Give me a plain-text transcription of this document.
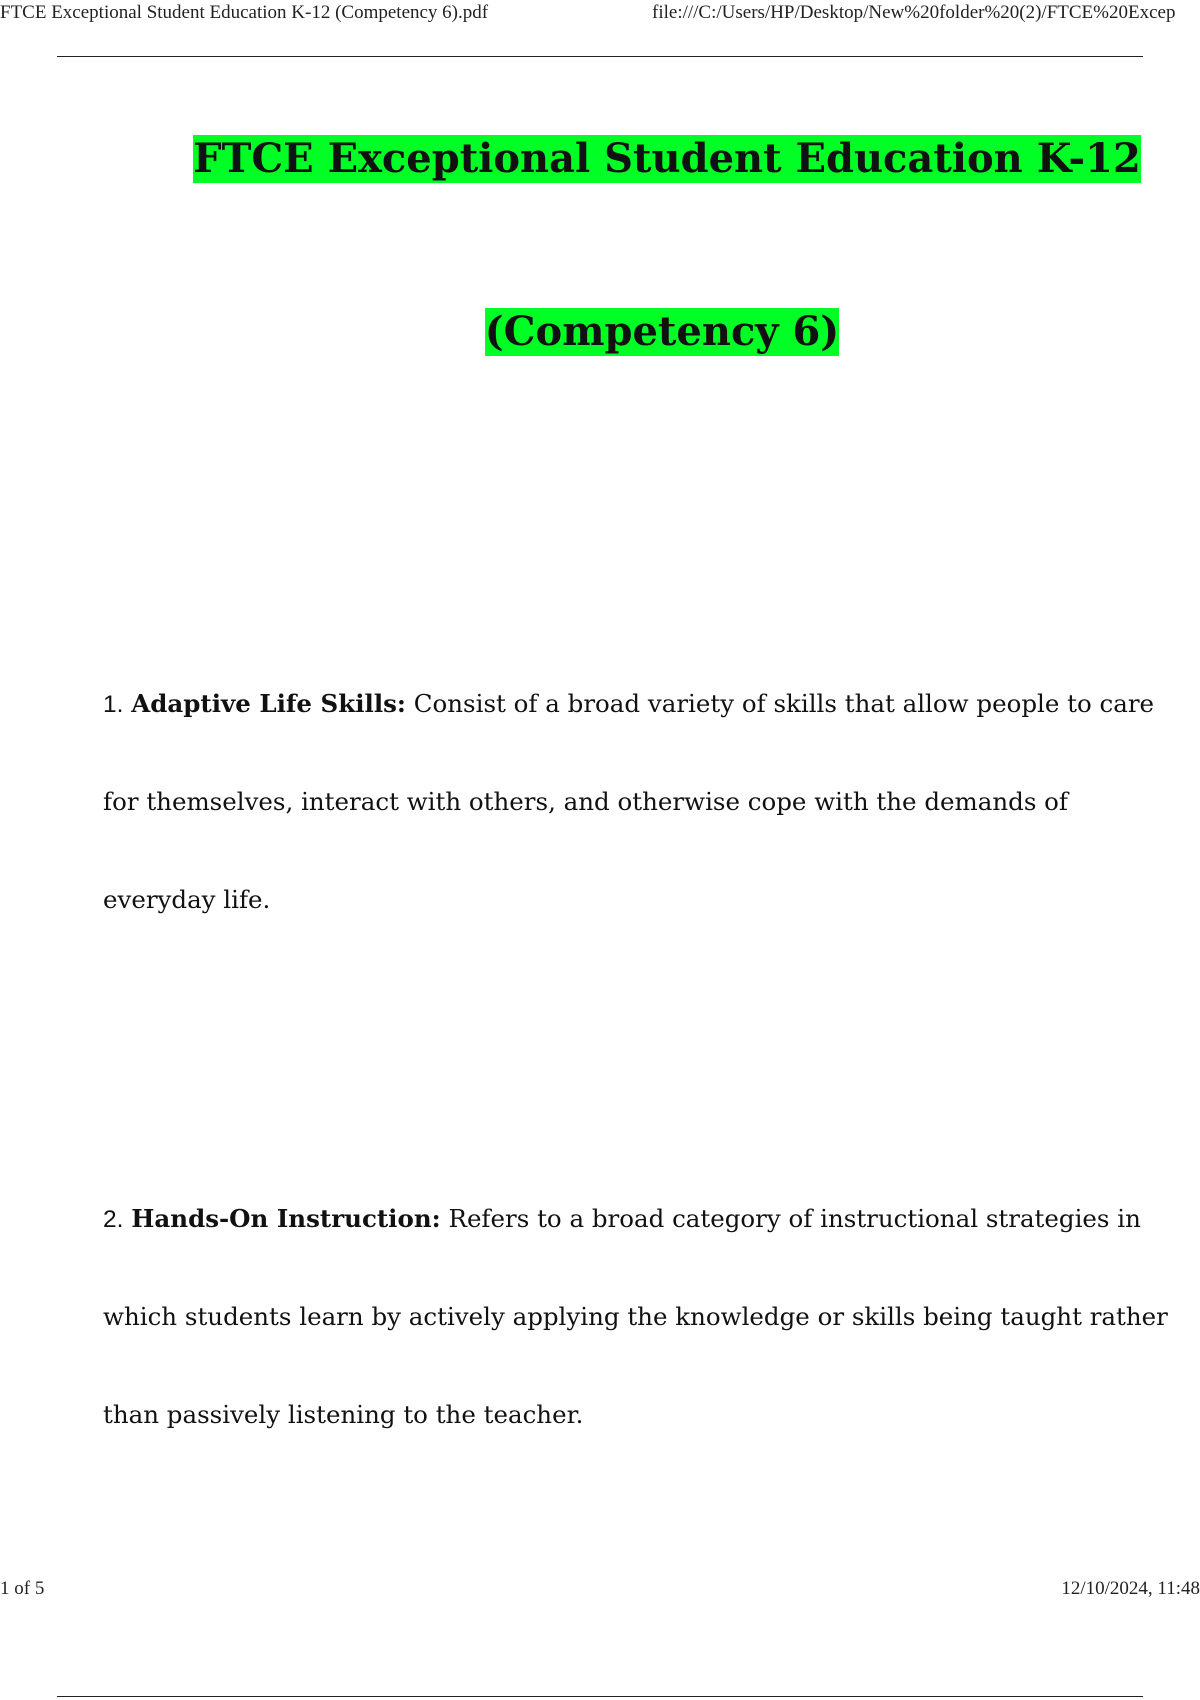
FTCE Exceptional Student Education K-12 (Competency 6).pdf	file:///C:/Users/HP/Desktop/New%20folder%20(2)/FTCE%20Excep
FTCE Exceptional Student Education K-12
(Competency 6)
1. Adaptive Life Skills: Consist of a broad variety of skills that allow people to care
for themselves, interact with others, and otherwise cope with the demands of
everyday life.
2. Hands-On Instruction: Refers to a broad category of instructional strategies in
which students learn by actively applying the knowledge or skills being taught rather
than passively listening to the teacher.
1 of 5	12/10/2024, 11:48
